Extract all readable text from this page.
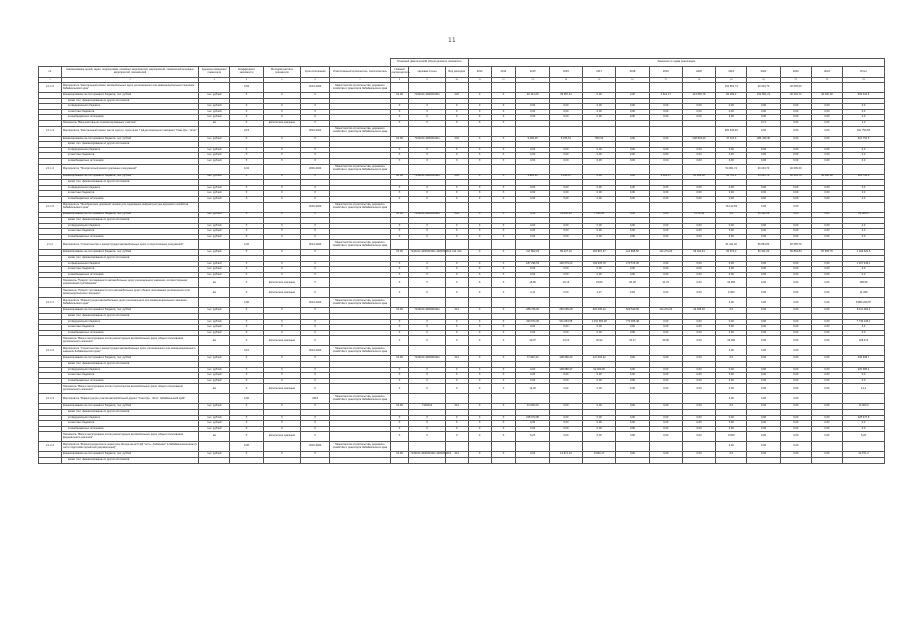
11
							Плановый (фактический) объем целевого показателя			Значения по годам реализации												
№	Наименование целей, задач, подпрограмм, основных мероприятий, мероприятий, показателей основных мероприятий, показателей	Единица измерения показателя	Коэффициент значимости	Методика расчёта показателя	Срок исполнения	Ответственный исполнитель, соисполнитель	Главный распорядитель	Целевая статья	Вид расходов	2013	2014	2015	2016	2017	2018	2019	2020	2021	2022	2023	2024	Итого
1	2	3	4	5	6	7	8	9	10	11	12	13	14	15	16	17	18	19	20	21	22	23
2.1.1.2	Мероприятие "Капитальный ремонт автомобильных дорог регионального или межмуниципального значения Забайкальского края"		0,65		2014-2024	Министерство строительства, дорожного хозяйства и транспорта Забайкальского края												152 801,74	30 243,73	40 000,00		
	финансирование за счет краевого бюджета, тыс. рублей	тыс. рублей	X	X	X		04 09	7130214 43000S4311	243	X	X	92 441,05	39 687,34	0,00	0,00	2 631,17	114 665,78	84 009,2	152 801,74	30 243,73	40 000,00	609 224,6
	кроме того, финансирование из других источников:																					
	из федерального бюджета	тыс. рублей	X	X	X		X	X	X	X	X	0,00	0,00	0,00	0,00	0,00	0,00	0,00	0,00	0,00	0,00	0,0
	из местных бюджетов	тыс. рублей	X	X	X		X	X	X	X	X	0,00	0,00	0,00	0,00	0,00	0,00	0,00	0,00	0,00	0,00	0,0
	из внебюджетных источников	тыс. рублей	X	X	X		X	X	X	X	X	0,00	0,00	0,00	0,00	0,00	0,00	0,00	0,00	0,00	0,00	0,0
	Показатель "Ввод капитально отремонтированных участков"	км	X	абсолютное значение	X		X	X	X	X	X								0,71	0,00	0,00	1,0
2.1.1.3	Мероприятие "Капитальный ремонт моста через р. Кука на км 7 АД регионального значения "Улан-Удэ - Чита""		0,15		2019-2021	Министерство строительства, дорожного хозяйства и транспорта Забайкальского края												284 430,40	0,00	0,00	0,00	621 754,55
	финансирование за счет краевого бюджета, тыс. рублей	тыс. рублей	X	X	X		04 09	7130214 43000S4311	243	X	X	9 200,45	5 265,51	560,20	0,00	0,00	248 833,26	47 410,3	284 430,40	0,00	0,00	621 754,5
	кроме того, финансирование из других источников:																					
	из федерального бюджета	тыс. рублей	X	X	X		X	X	X	X	X	0,00	0,00	0,00	0,00	0,00	0,00	0,00	0,00	0,00	0,00	0,0
	из местных бюджетов	тыс. рублей	X	X	X		X	X	X	X	X	0,00	0,00	0,00	0,00	0,00	0,00	0,00	0,00	0,00	0,00	0,0
	из внебюджетных источников	тыс. рублей	X	X	X		X	X	X	X	X	0,00	0,00	0,00	0,00	0,00	0,00	0,00	0,00	0,00	0,00	0,0
2.1.1.4	Мероприятие "Приоритетный ремонт дорожных сооружений"		0,02		2016-2024	Министерство строительства, дорожного хозяйства и транспорта Забайкальского края												54 061,74	30 243,73	40 000,00		
	финансирование за счет краевого бюджета, тыс. рублей	тыс. рублей	X	X	X		04 09	7130214 43000S4311	243	X	X	3 820,31	5 435,47	0,00	0,00	3 631,17	95 832,38	54 751,1	54 061,74	30 243,73	40 000,00	281 794,0
	кроме того, финансирование из других источников:																					
	из федерального бюджета	тыс. рублей	X	X	X		X	X	X	X	X	0,00	0,00	0,00	0,00	0,00	0,00	0,00	0,00	0,00	0,00	0,0
	из местных бюджетов	тыс. рублей	X	X	X		X	X	X	X	X	0,00	0,00	0,00	0,00	0,00	0,00	0,00	0,00	0,00	0,00	0,0
	из внебюджетных источников	тыс. рублей	X	X	X		X	X	X	X	X	0,00	0,00	0,00	0,00	0,00	0,00	0,00	0,00	0,00	0,00	0,0
2.1.1.5	Мероприятие "Приобретение дорожной техники для содержания инфраструктуры дорожного хозяйства Забайкальского края"				2015-2022	Министерство строительства, дорожного хозяйства и транспорта Забайкальского края												15 142,52	0,00	0,00		
	финансирование за счет краевого бюджета, тыс. рублей	тыс. рублей	X	X	X		04 09	7130214 43000S4311	244	X	X	0,00	11 852,34	7 600,00	0,00	0,00	5 172,99	0,0	15 142,52	0,00	0,00	82 080,5
	кроме того, финансирование из других источников:																					
	из федерального бюджета	тыс. рублей	X	X	X		X	X	X	X	X	0,00	0,00	0,00	0,00	0,00	0,00	0,00	0,00	0,00	0,00	0,0
	из местных бюджетов	тыс. рублей	X	X	X		X	X	X	X	X	0,00	0,00	0,00	0,00	0,00	0,00	0,00	0,00	0,00	0,00	0,0
	из внебюджетных источников	тыс. рублей	X	X	X		X	X	X	X	X	0,00	0,00	0,00	0,00	0,00	0,00	0,00	0,00	0,00	0,00	0,0
2.1.2	Мероприятие "Строительство и реконструкция автомобильных дорог и искусственных сооружений"		0,20		2014-2024	Министерство строительства, дорожного хозяйства и транспорта Забайкальского края												61 311,20	56 864,84	87 665,76		
	финансирование за счет краевого бюджета, тыс. рублей	тыс. рублей	X	X	X		04 09	7130214 43000S4311 43000S4312	414 414	X	X	117 892,25	89 237,16	165 897,27	114 898,50	114 274,20	69 334,64	25 972,0	61 311,20	56 864,84	87 665,76	1 039 624,5
	кроме того, финансирование из других источников:																					
	из федерального бюджета	тыс. рублей	X	X	X		X	X	X	X	X	187 296,53	148 679,23	139 635,78	173 574,00	0,00	0,00	0,00	0,00	0,00	0,00	1 017 243,1
	из местных бюджетов	тыс. рублей	X	X	X		X	X	X	X	X	0,00	0,00	0,00	0,00	0,00	0,00	0,00	0,00	0,00	0,00	0,0
	из внебюджетных источников	тыс. рублей	X	X	X		X	X	X	X	X	0,00	0,00	0,00	0,00	0,00	0,00	0,00	0,00	0,00	0,00	0,0
	Показатель "Прирост протяжённости автомобильных дорог регионального значения, соответствующих нормативным требованиям"	км	X	абсолютное значение	X		X	X	X	X	X	46,80	10,13	23,89	26,18	31,70	0,00	34,950	0,00	0,00	0,00	186,59
	Показатель "Прирост протяжённости сети автомобильных дорог общего пользования регионального или межмуниципального значения"	км	X	абсолютное значение	X		X	X	X	X	X	0,11	0,00	2,27	0,84	0,00	0,00	0,450	0,00	0,00	0,00	11,339
2.1.2.1	Мероприятие "Реконструкция автомобильных дорог регионального или межмуниципального значения Забайкальского края"		0,90		2014-2024	Министерство строительства, дорожного хозяйства и транспорта Забайкальского края												0,00	0,00	0,00	0,00	8 880 200,87
	финансирование за счет краевого бюджета, тыс. рублей	тыс. рублей	X	X	X		04 09	7130214 43000S4311	414	X	X	288 766,00	283 099,28	626 035,40	529 520,50	114 274,20	42 008,26	0,0	0,00	0,00	0,00	8 111 469,4
	кроме того, финансирование из других источников:																					
	из федерального бюджета	тыс. рублей	X	X	X		X	X	X	X	X	433 974,00	511 654,58	1 010 684,39	773 935,48	0,00	0,00	0,00	0,00	0,00	0,00	7 749 246,1
	из местных бюджетов	тыс. рублей	X	X	X		X	X	X	X	X	0,00	0,00	0,00	0,00	0,00	0,00	0,00	0,00	0,00	0,00	0,0
	из внебюджетных источников	тыс. рублей	X	X	X		X	X	X	X	X	0,00	0,00	0,00	0,00	0,00	0,00	0,00	0,00	0,00	0,00	0,0
	Показатель "Ввод в эксплуатацию после реконструкции автомобильных дорог общего пользования регионального значения"	км	X	абсолютное значение	X		X	X	X	X	X	30,07	13,12	40,92	32,17	36,00	0,00	33,000	0,00	0,00	0,00	228,371
2.1.2.2	Мероприятие "Строительство и реконструкция автомобильных дорог регионального или межмуниципального значения Забайкальского края"		0,10		2014-2024	Министерство строительства, дорожного хозяйства и транспорта Забайкальского края												0,00	0,00	0,00		
	финансирование за счет краевого бюджета, тыс. рублей	тыс. рублей	X	X	X		04 09	7130214 43000S4311	414	X	X	77 822,33	128 080,43	147 003,42	0,00	0,00	0,00	0,0	0,00	0,00	0,00	335 908,7
	кроме того, финансирование из других источников:																					
	из федерального бюджета	тыс. рублей	X	X	X		X	X	X	X	X	0,00	138 686,37	62 000,00	0,00	0,00	0,00	0,00	0,00	0,00	0,00	200 686,4
	из местных бюджетов	тыс. рублей	X	X	X		X	X	X	X	X	0,00	0,00	0,00	0,00	0,00	0,00	0,00	0,00	0,00	0,00	0,0
	из внебюджетных источников	тыс. рублей	X	X	X		X	X	X	X	X	0,00	0,00	0,00	0,00	0,00	0,00	0,00	0,00	0,00	0,00	0,0
	Показатель "Ввод в эксплуатацию после строительства автомобильных дорог общего пользования регионального значения"	км	X	абсолютное значение	X		X	X	X	X	X	14,20	0,02	0,00	0,00	0,00	0,00	0,00	0,00	0,00	0,00	14,4
2.1.2.3	Мероприятие "Реконструкция участка автомобильной дороги "Улан-Удэ - Чита", Забайкальский край"		0,00		2015	Министерство строительства, дорожного хозяйства и транспорта Забайкальского края												0,00	0,00	0,00		
	финансирование за счет краевого бюджета, тыс. рублей	тыс. рублей	X	X	X		04 09	7130214	414	X	X	13 000,00	0,00	0,00	0,00	0,00	0,00	0,0	0,00	0,00	0,00	13 000,0
	кроме того, финансирование из других источников:																					
	из федерального бюджета	тыс. рублей	X	X	X		X	X	X	X	X	228 974,80	0,00	0,00	0,00	0,00	0,00	0,00	0,00	0,00	0,00	228 974,8
	из местных бюджетов	тыс. рублей	X	X	X		X	X	X	X	X	0,00	0,00	0,00	0,00	0,00	0,00	0,00	0,00	0,00	0,00	0,0
	из внебюджетных источников	тыс. рублей	X	X	X		X	X	X	X	X	0,00	0,00	0,00	0,00	0,00	0,00	0,00	0,00	0,00	0,00	0,0
	Показатель "Ввод в эксплуатацию после реконструкции автомобильных дорог общего пользования федерального значения"	км	X	абсолютное значение	X		X	X	X	X	X	5,20	0,00	0,00	0,00	0,00	0,00	0,000	0,00	0,00	0,00	5,20
2.1.2.4	Мероприятие "Реконструкция моста через реку Ингода на км 9 АД "Чита - Хабаровск" в Забайкальском крае (в части подготовки проектной документации)"		0,00		2015-2024	Министерство строительства, дорожного хозяйства и транспорта Забайкальского края												0,00	0,00	0,00		
	финансирование за счет краевого бюджета, тыс. рублей	тыс. рублей	X	X	X		04 09	7130214 43000S4311 43000S4312	414	X	X	0,00	13 671,13	8 900,17	0,00	0,00	0,00	0,0	0,00	0,00	0,00	22 571,3
	кроме того, финансирование из других источников:																					
